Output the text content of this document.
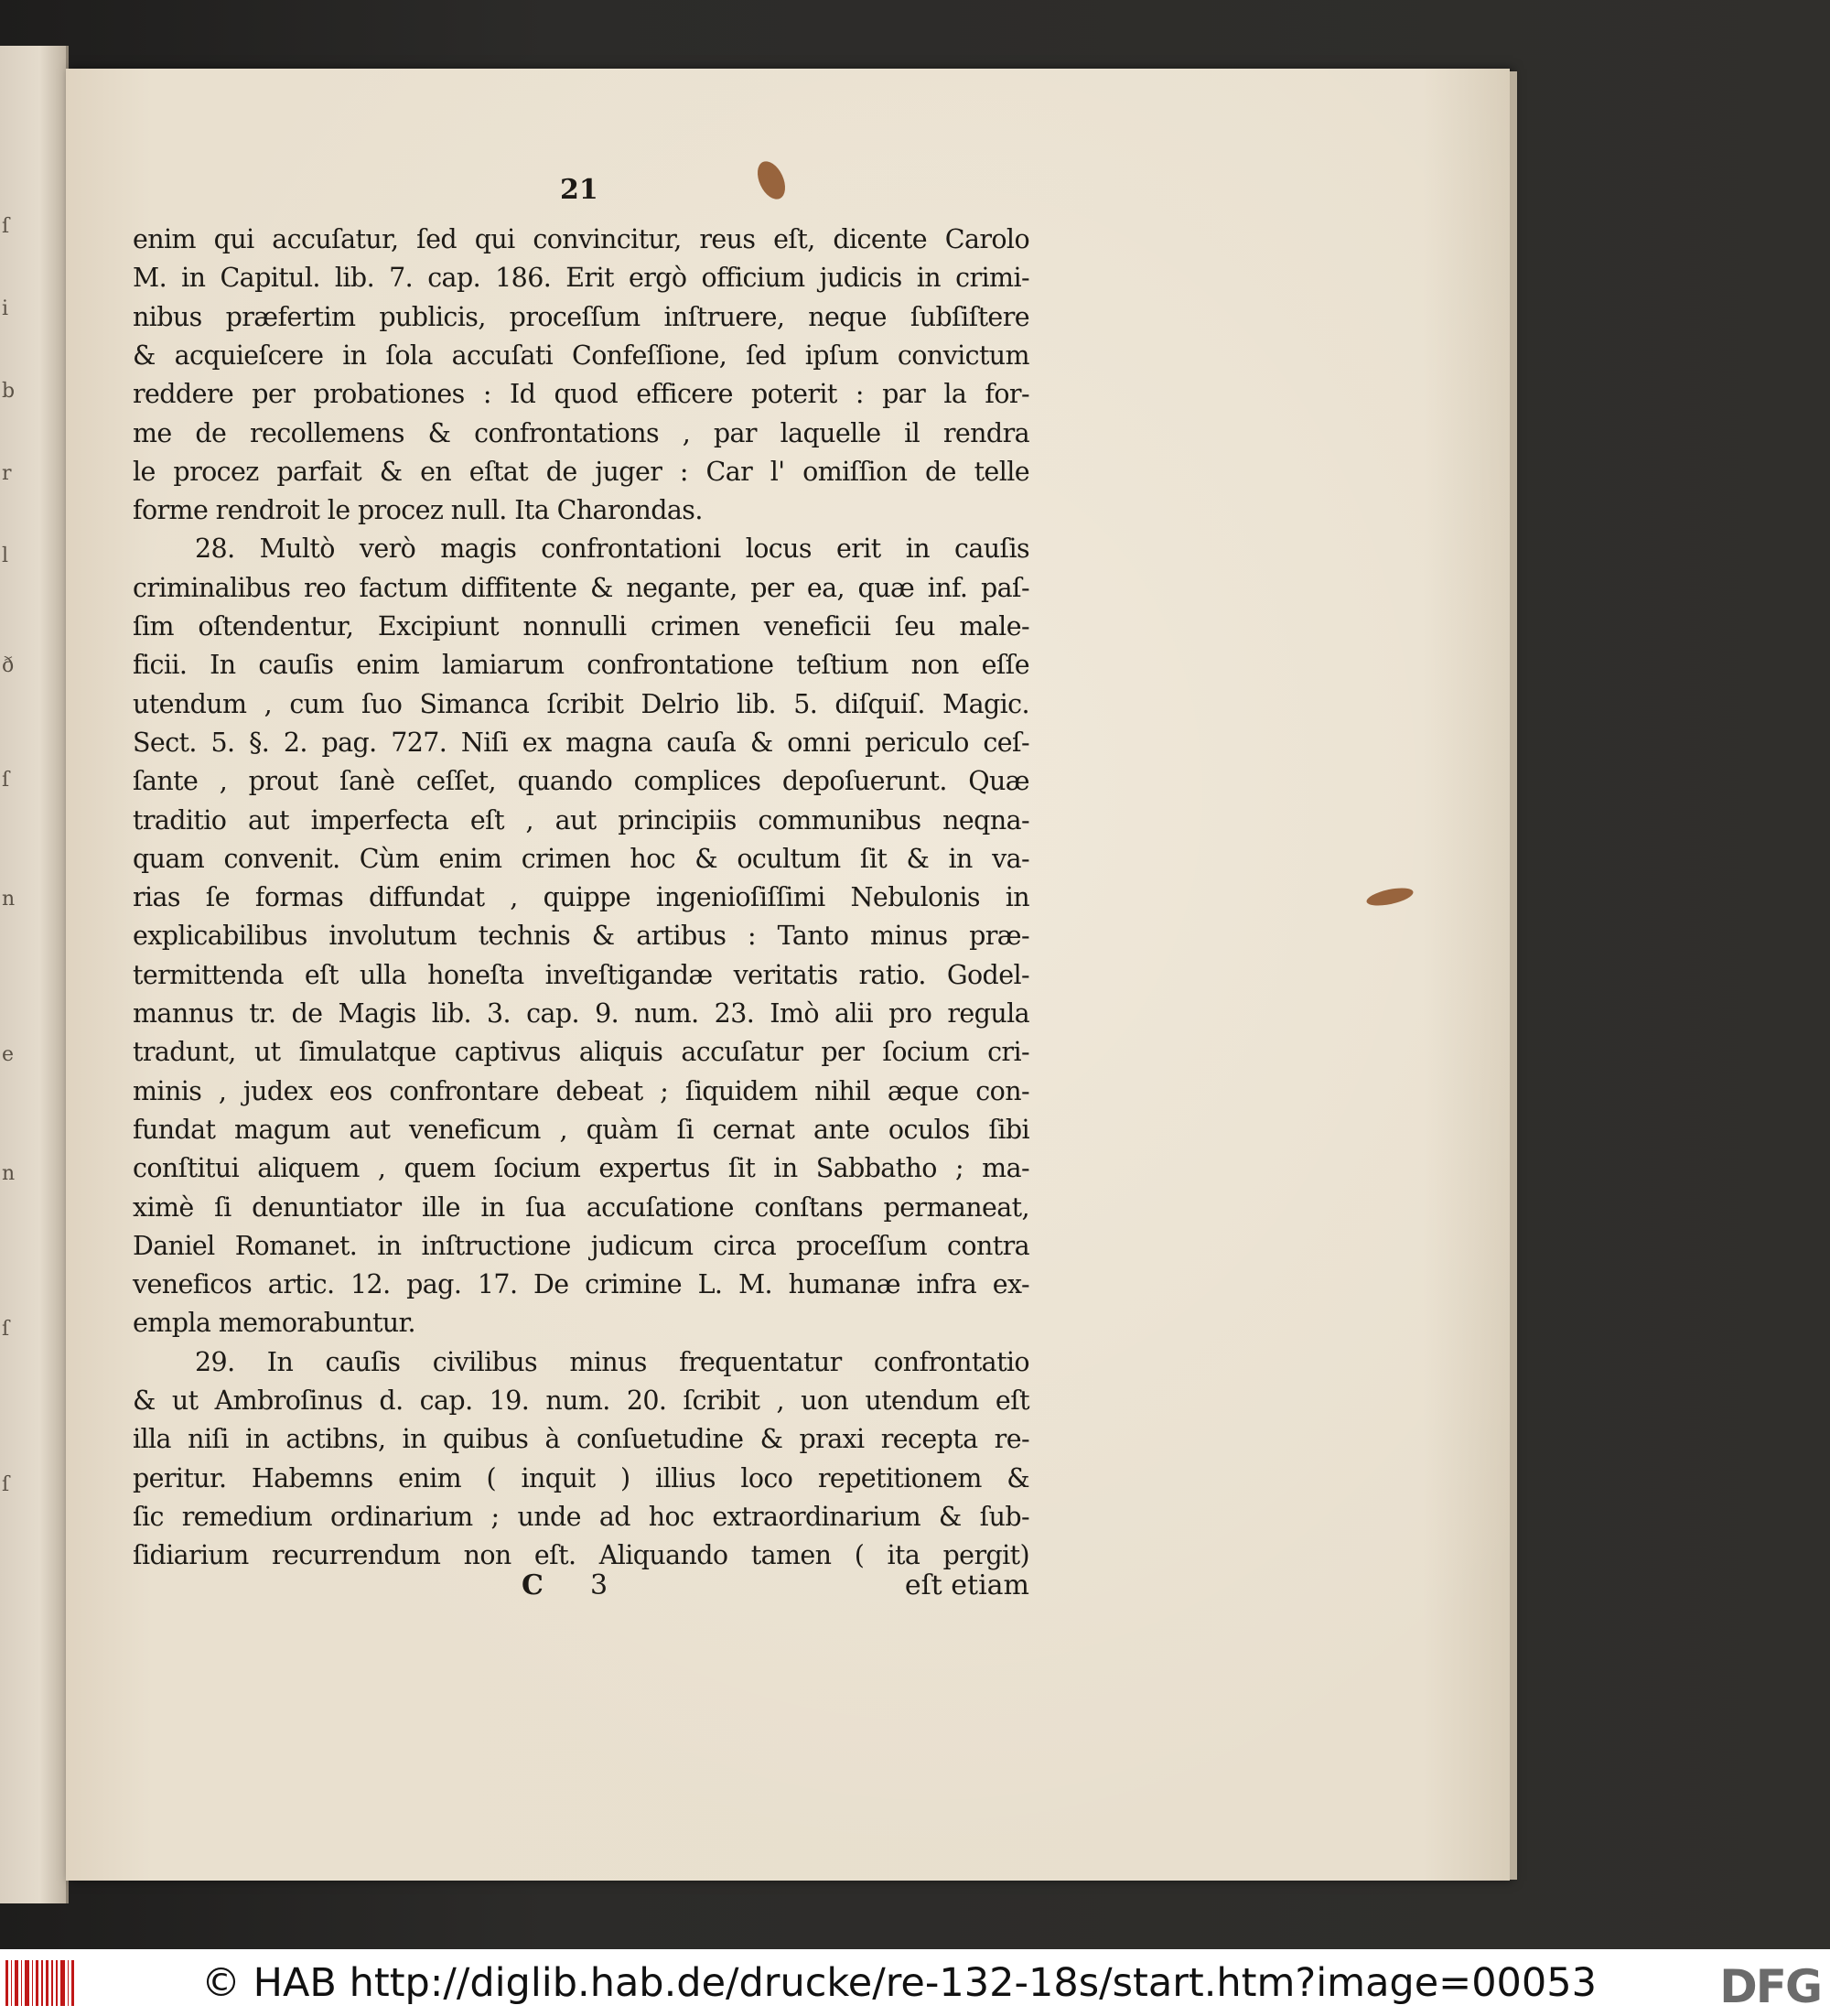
ſ
i
b
r
l
ð
ſ
n
e
n
ſ
ſ
21
enim qui accuſatur, ſed qui convincitur, reus eſt, dicente Carolo
M. in Capitul. lib. 7. cap. 186. Erit ergò officium judicis in crimi-
nibus præfertim publicis, proceſſum inſtruere, neque ſubſiſtere
& acquieſcere in ſola accuſati Confeſſione, ſed ipſum convictum
reddere per probationes : Id quod efficere poterit : par la for-
me de recollemens & confrontations , par laquelle il rendra
le procez parfait & en eſtat de juger : Car l' omiſſion de telle
forme rendroit le procez null. Ita Charondas.
28. Multò verò magis confrontationi locus erit in cauſis
criminalibus reo factum diffitente & negante, per ea, quæ inf. paſ-
ſim oſtendentur, Excipiunt nonnulli crimen veneficii ſeu male-
ficii. In cauſis enim lamiarum confrontatione teſtium non eſſe
utendum , cum ſuo Simanca ſcribit Delrio lib. 5. diſquiſ. Magic.
Sect. 5. §. 2. pag. 727. Niſi ex magna cauſa & omni periculo ceſ-
ſante , prout ſanè ceſſet, quando complices depoſuerunt. Quæ
traditio aut imperfecta eſt , aut principiis communibus neqna-
quam convenit. Cùm enim crimen hoc & ocultum ſit & in va-
rias ſe formas diffundat , quippe ingenioſiſſimi Nebulonis in
explicabilibus involutum technis & artibus : Tanto minus præ-
termittenda eſt ulla honeſta inveſtigandæ veritatis ratio. Godel-
mannus tr. de Magis lib. 3. cap. 9. num. 23. Imò alii pro regula
tradunt, ut ſimulatque captivus aliquis accuſatur per ſocium cri-
minis , judex eos confrontare debeat ; ſiquidem nihil æque con-
fundat magum aut veneficum , quàm ſi cernat ante oculos ſibi
conſtitui aliquem , quem ſocium expertus ſit in Sabbatho ; ma-
ximè ſi denuntiator ille in ſua accuſatione conſtans permaneat,
Daniel Romanet. in inſtructione judicum circa proceſſum contra
veneficos artic. 12. pag. 17. De crimine L. M. humanæ infra ex-
empla memorabuntur.
29. In cauſis civilibus minus frequentatur confrontatio
& ut Ambroſinus d. cap. 19. num. 20. ſcribit , uon utendum eſt
illa niſi in actibns, in quibus à conſuetudine & praxi recepta re-
peritur. Habemns enim ( inquit ) illius loco repetitionem &
ſic remedium ordinarium ; unde ad hoc extraordinarium & ſub-
ſidiarium recurrendum non eſt. Aliquando tamen ( ita pergit)
C 3	eſt etiam
© HAB http://diglib.hab.de/drucke/re-132-18s/start.htm?image=00053	DFG
